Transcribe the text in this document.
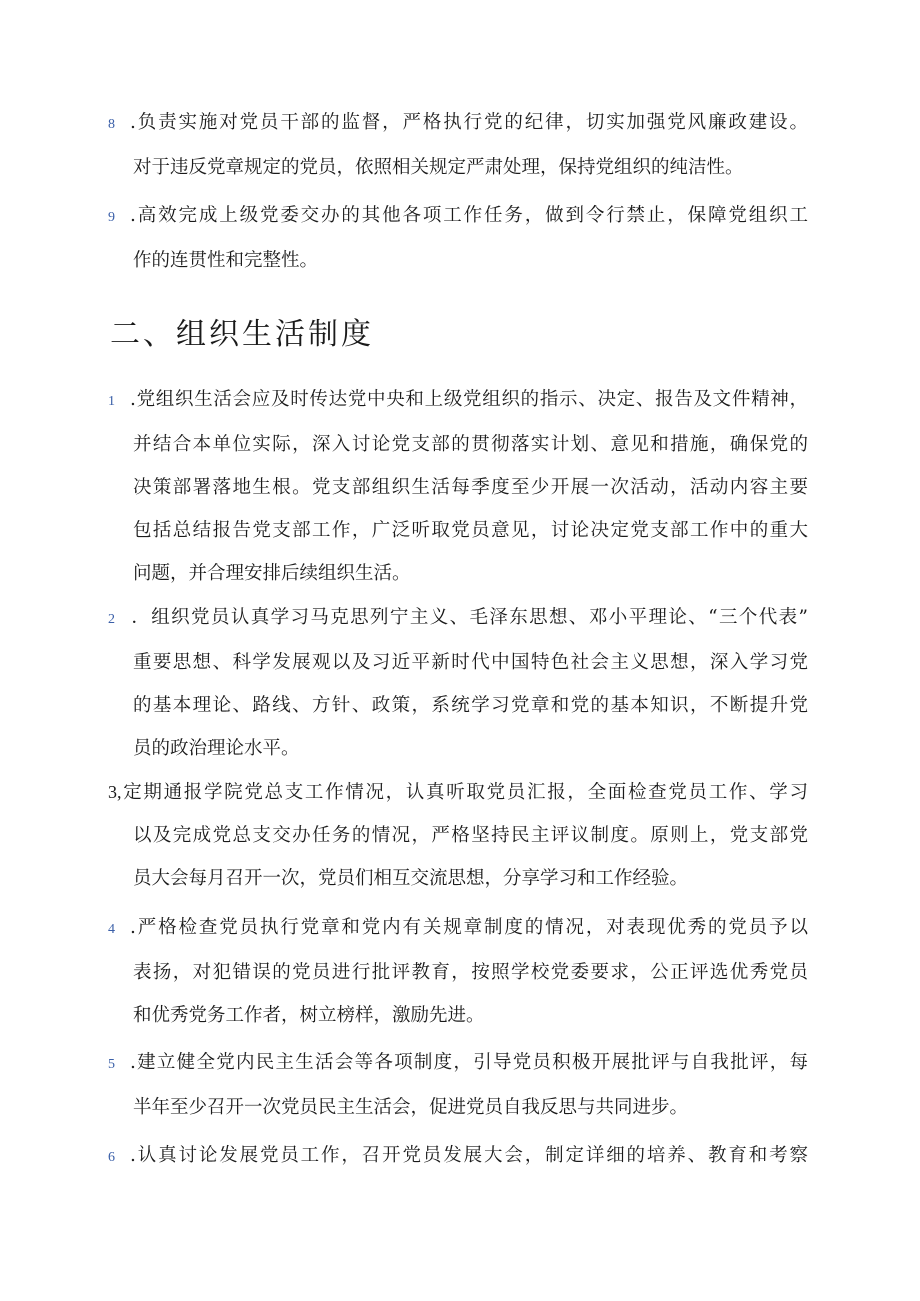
8 .负责实施对党员干部的监督，严格执行党的纪律，切实加强党风廉政建设。
对于违反党章规定的党员，依照相关规定严肃处理，保持党组织的纯洁性。
9 .高效完成上级党委交办的其他各项工作任务，做到令行禁止，保障党组织工
作的连贯性和完整性。
二、组织生活制度
1 .党组织生活会应及时传达党中央和上级党组织的指示、决定、报告及文件精神，
并结合本单位实际，深入讨论党支部的贯彻落实计划、意见和措施，确保党的
决策部署落地生根。党支部组织生活每季度至少开展一次活动，活动内容主要
包括总结报告党支部工作，广泛听取党员意见，讨论决定党支部工作中的重大
问题，并合理安排后续组织生活。
2 ．组织党员认真学习马克思列宁主义、毛泽东思想、邓小平理论、“三个代表”
重要思想、科学发展观以及习近平新时代中国特色社会主义思想，深入学习党
的基本理论、路线、方针、政策，系统学习党章和党的基本知识，不断提升党
员的政治理论水平。
3,定期通报学院党总支工作情况，认真听取党员汇报，全面检查党员工作、学习
以及完成党总支交办任务的情况，严格坚持民主评议制度。原则上，党支部党
员大会每月召开一次，党员们相互交流思想，分享学习和工作经验。
4 .严格检查党员执行党章和党内有关规章制度的情况，对表现优秀的党员予以
表扬，对犯错误的党员进行批评教育，按照学校党委要求，公正评选优秀党员
和优秀党务工作者，树立榜样，激励先进。
5 .建立健全党内民主生活会等各项制度，引导党员积极开展批评与自我批评，每
半年至少召开一次党员民主生活会，促进党员自我反思与共同进步。
6 .认真讨论发展党员工作，召开党员发展大会，制定详细的培养、教育和考察
